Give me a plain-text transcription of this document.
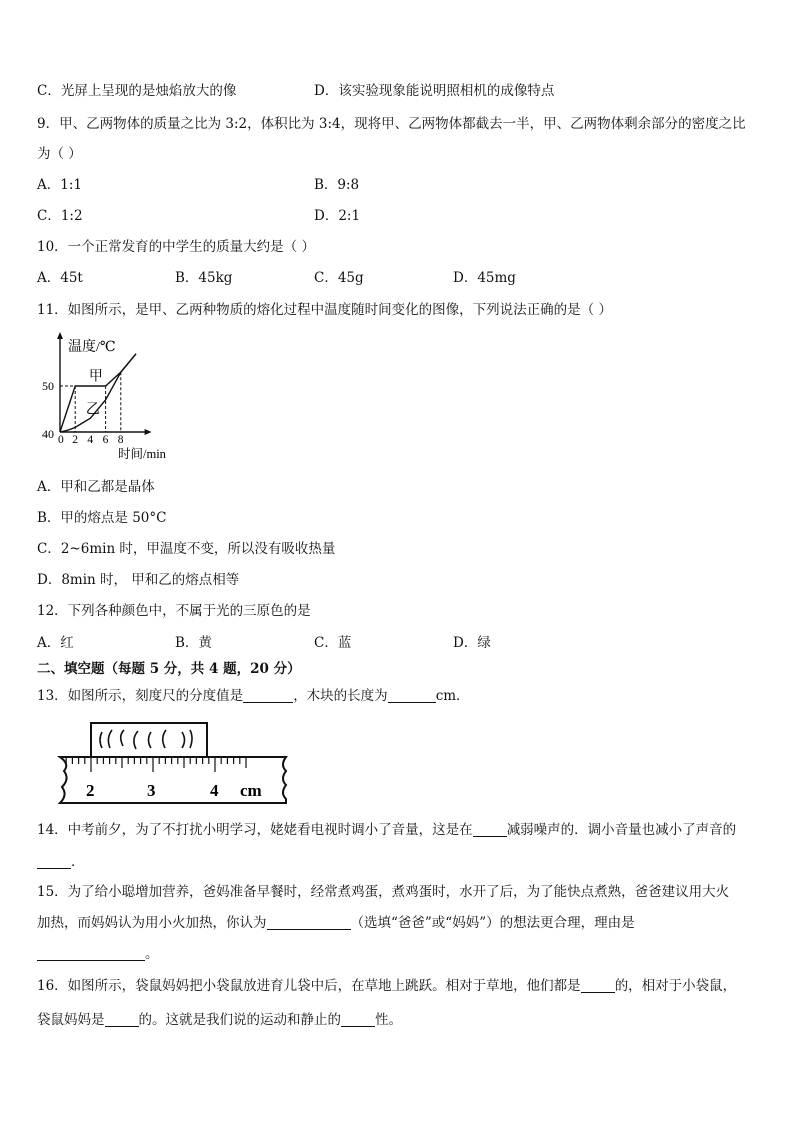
C．光屏上呈现的是烛焰放大的像	D．该实验现象能说明照相机的成像特点
9．甲、乙两物体的质量之比为 3:2，体积比为 3:4，现将甲、乙两物体都截去一半，甲、乙两物体剩余部分的密度之比
为（ ）
A．1:1	B．9:8
C．1:2	D．2:1
10．一个正常发育的中学生的质量大约是（ ）
A．45t	B．45kg	C．45g	D．45mg
11．如图所示，是甲、乙两种物质的熔化过程中温度随时间变化的图像，下列说法正确的是（ ）
温度/℃
时间/min
0 2 4 6 8
40
50
甲
乙
A．甲和乙都是晶体
B．甲的熔点是 50°C
C．2~6min 时，甲温度不变，所以没有吸收热量
D．8min 时， 甲和乙的熔点相等
12．下列各种颜色中，不属于光的三原色的是
A．红	B．黄	C．蓝	D．绿
二、填空题（每题 5 分，共 4 题，20 分）
13．如图所示，刻度尺的分度值是	，木块的长度为	cm．
2	3	4 cm
14．中考前夕，为了不打扰小明学习，姥姥看电视时调小了音量，这是在	减弱噪声的．调小音量也减小了声音的
．
15．为了给小聪增加营养，爸妈准备早餐时，经常煮鸡蛋，煮鸡蛋时，水开了后，为了能快点煮熟，爸爸建议用大火
加热，而妈妈认为用小火加热，你认为	（选填“爸爸”或“妈妈”）的想法更合理，理由是
。
16．如图所示，袋鼠妈妈把小袋鼠放进育儿袋中后，在草地上跳跃。相对于草地，他们都是	的，相对于小袋鼠，
袋鼠妈妈是	的。这就是我们说的运动和静止的	性。
